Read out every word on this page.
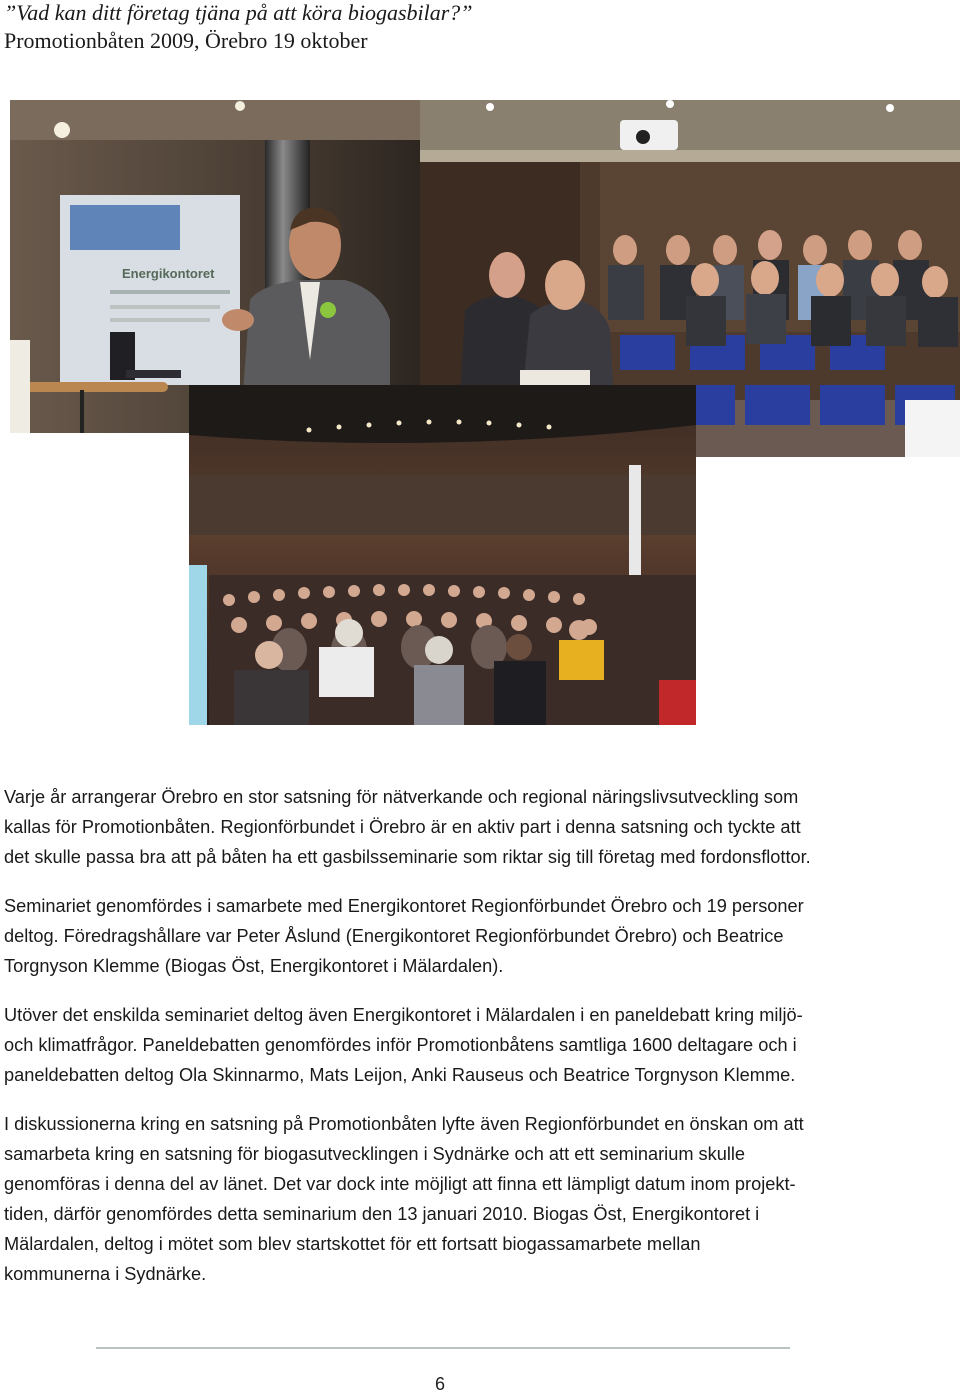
”Vad kan ditt företag tjäna på att köra biogasbilar?”
Promotionbåten 2009, Örebro 19 oktober
Energikontoret

Varje år arrangerar Örebro en stor satsning för nätverkande och regional näringslivsutveckling som
kallas för Promotionbåten. Regionförbundet i Örebro är en aktiv part i denna satsning och tyckte att
det skulle passa bra att på båten ha ett gasbilsseminarie som riktar sig till företag med fordonsflottor.

Seminariet genomfördes i samarbete med Energikontoret Regionförbundet Örebro och 19 personer
deltog. Föredragshållare var Peter Åslund (Energikontoret Regionförbundet Örebro) och Beatrice
Torgnyson Klemme (Biogas Öst, Energikontoret i Mälardalen).

Utöver det enskilda seminariet deltog även Energikontoret i Mälardalen i en paneldebatt kring miljö-
och klimatfrågor. Paneldebatten genomfördes inför Promotionbåtens samtliga 1600 deltagare och i
paneldebatten deltog Ola Skinnarmo, Mats Leijon, Anki Rauseus och Beatrice Torgnyson Klemme.

I diskussionerna kring en satsning på Promotionbåten lyfte även Regionförbundet en önskan om att
samarbeta kring en satsning för biogasutvecklingen i Sydnärke och att ett seminarium skulle
genomföras i denna del av länet. Det var dock inte möjligt att finna ett lämpligt datum inom projekt-
tiden, därför genomfördes detta seminarium den 13 januari 2010. Biogas Öst, Energikontoret i
Mälardalen, deltog i mötet som blev startskottet för ett fortsatt biogassamarbete mellan
kommunerna i Sydnärke.

6
